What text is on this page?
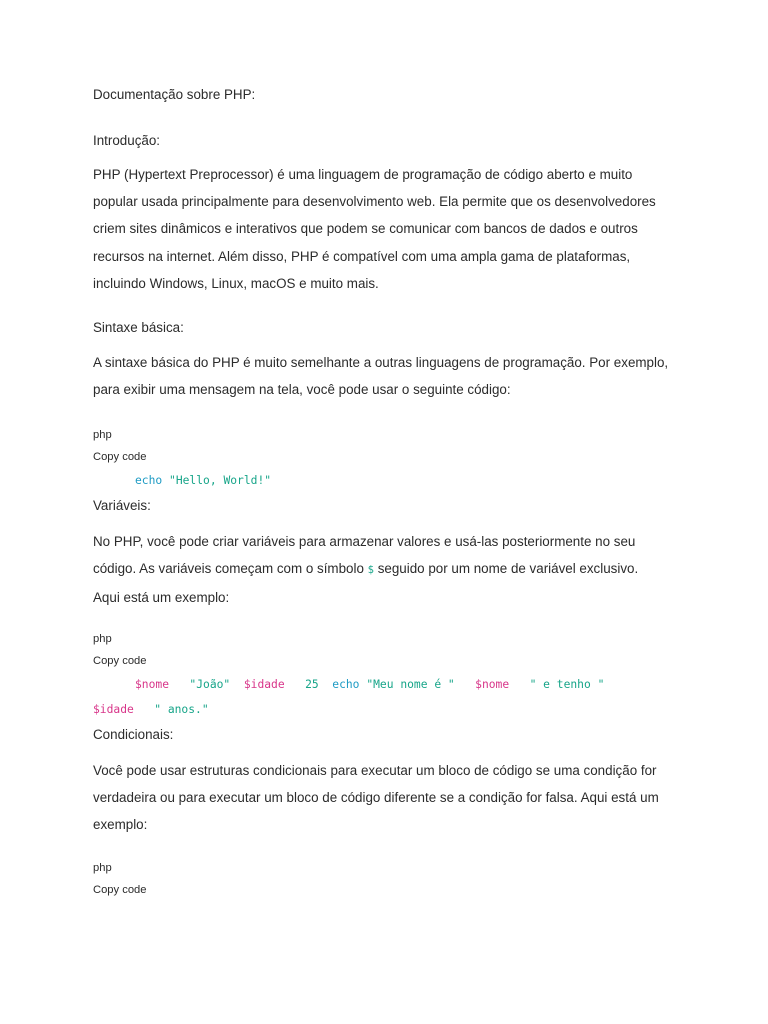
Documentação sobre PHP:

Introdução:

PHP (Hypertext Preprocessor) é uma linguagem de programação de código aberto e muito
popular usada principalmente para desenvolvimento web. Ela permite que os desenvolvedores
criem sites dinâmicos e interativos que podem se comunicar com bancos de dados e outros
recursos na internet. Além disso, PHP é compatível com uma ampla gama de plataformas,
incluindo Windows, Linux, macOS e muito mais.

Sintaxe básica:

A sintaxe básica do PHP é muito semelhante a outras linguagens de programação. Por exemplo,
para exibir uma mensagem na tela, você pode usar o seguinte código:

php

Copy code

echo "Hello, World!"

Variáveis:

No PHP, você pode criar variáveis para armazenar valores e usá-las posteriormente no seu
código. As variáveis começam com o símbolo $ seguido por um nome de variável exclusivo.
Aqui está um exemplo:

php

Copy code

$nome "João" $idade 25 echo "Meu nome é " $nome " e tenho "
$idade " anos."

Condicionais:

Você pode usar estruturas condicionais para executar um bloco de código se uma condição for
verdadeira ou para executar um bloco de código diferente se a condição for falsa. Aqui está um
exemplo:

php

Copy code
